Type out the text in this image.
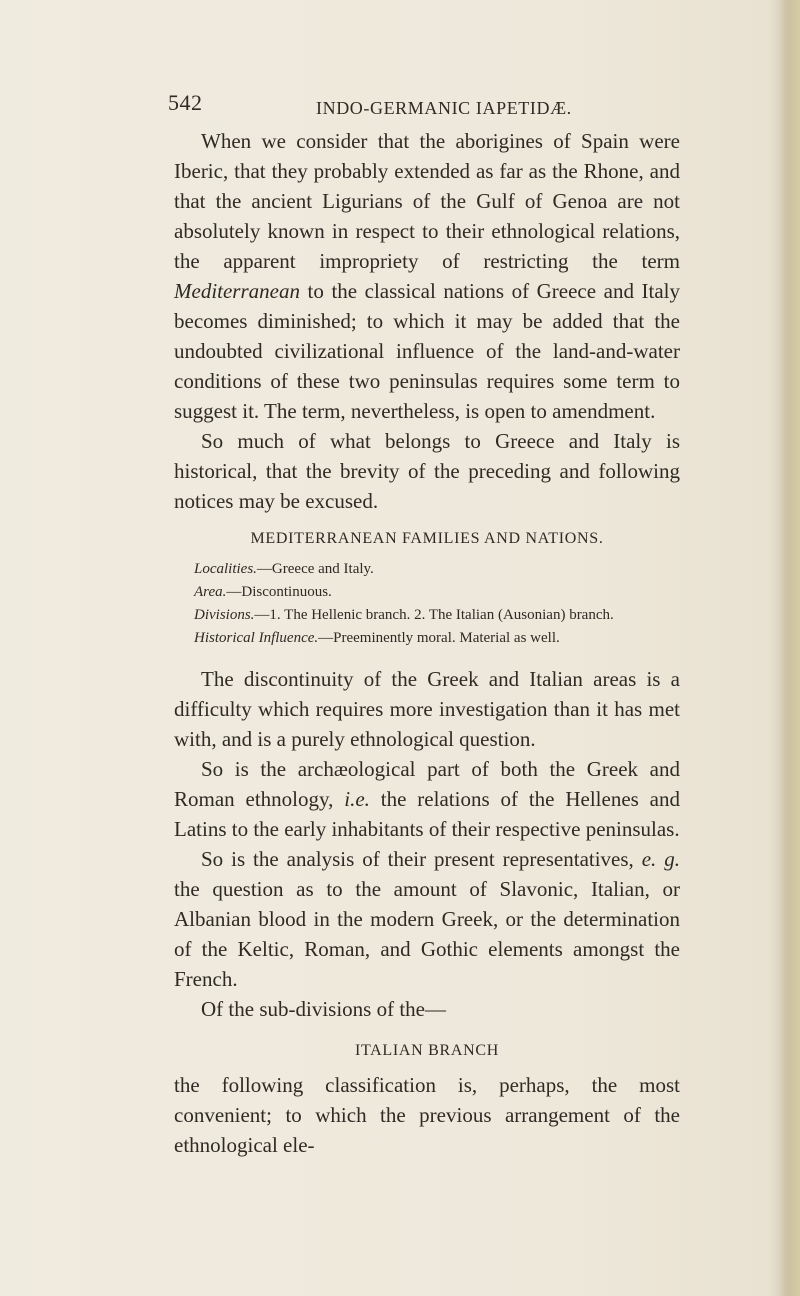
542	INDO-GERMANIC IAPETIDÆ.

When we consider that the aborigines of Spain were Iberic, that they probably extended as far as the Rhone, and that the ancient Ligurians of the Gulf of Genoa are not absolutely known in respect to their ethnological relations, the apparent impropriety of restricting the term Mediterranean to the classical nations of Greece and Italy becomes diminished; to which it may be added that the undoubted civilizational influence of the land-and-water conditions of these two peninsulas requires some term to suggest it. The term, nevertheless, is open to amendment.

So much of what belongs to Greece and Italy is historical, that the brevity of the preceding and following notices may be excused.

MEDITERRANEAN FAMILIES AND NATIONS.

Localities.—Greece and Italy.

Area.—Discontinuous.

Divisions.—1. The Hellenic branch. 2. The Italian (Ausonian) branch.

Historical Influence.—Preeminently moral. Material as well.

The discontinuity of the Greek and Italian areas is a difficulty which requires more investigation than it has met with, and is a purely ethnological question.

So is the archæological part of both the Greek and Roman ethnology, i.e. the relations of the Hellenes and Latins to the early inhabitants of their respective peninsulas.

So is the analysis of their present representatives, e. g. the question as to the amount of Slavonic, Italian, or Albanian blood in the modern Greek, or the determination of the Keltic, Roman, and Gothic elements amongst the French.

Of the sub-divisions of the—

ITALIAN BRANCH

the following classification is, perhaps, the most convenient; to which the previous arrangement of the ethnological ele-
